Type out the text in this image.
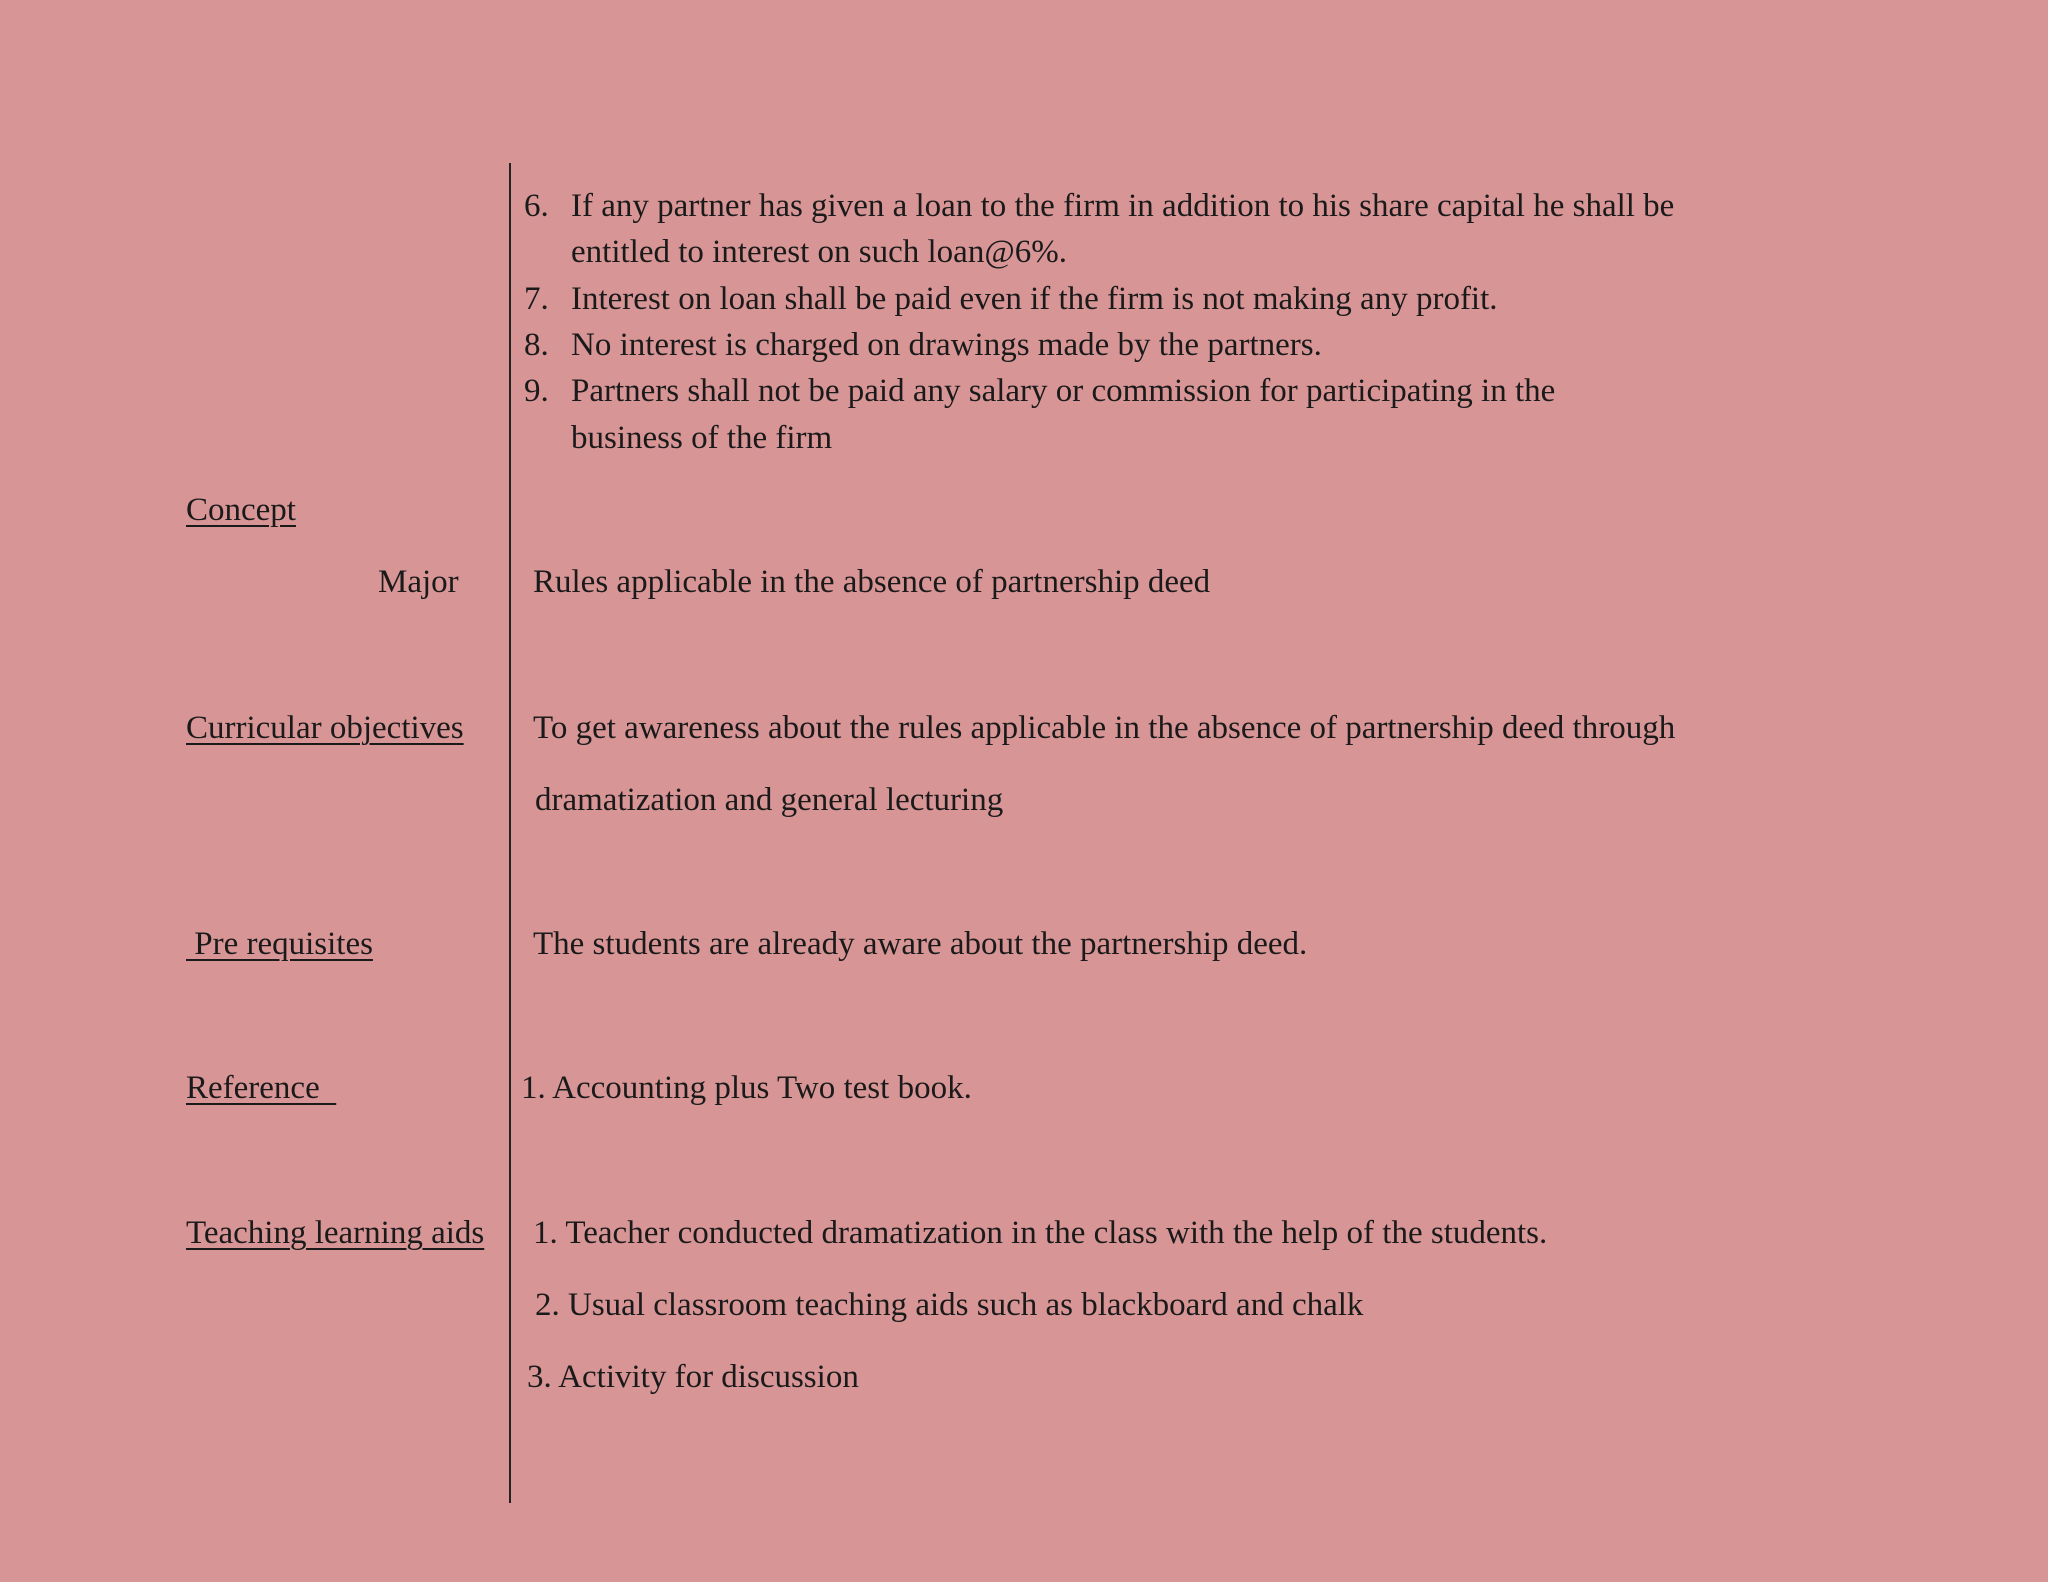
6. If any partner has given a loan to the firm in addition to his share capital he shall be
entitled to interest on such loan@6%.
7. Interest on loan shall be paid even if the firm is not making any profit.
8. No interest is charged on drawings made by the partners.
9. Partners shall not be paid any salary or commission for participating in the
business of the firm
Concept
Major Rules applicable in the absence of partnership deed
Curricular objectives To get awareness about the rules applicable in the absence of partnership deed through
dramatization and general lecturing
Pre requisites	The students are already aware about the partnership deed.
Reference	1. Accounting plus Two test book.
Teaching learning aids 1. Teacher conducted dramatization in the class with the help of the students.
2. Usual classroom teaching aids such as blackboard and chalk
3. Activity for discussion
